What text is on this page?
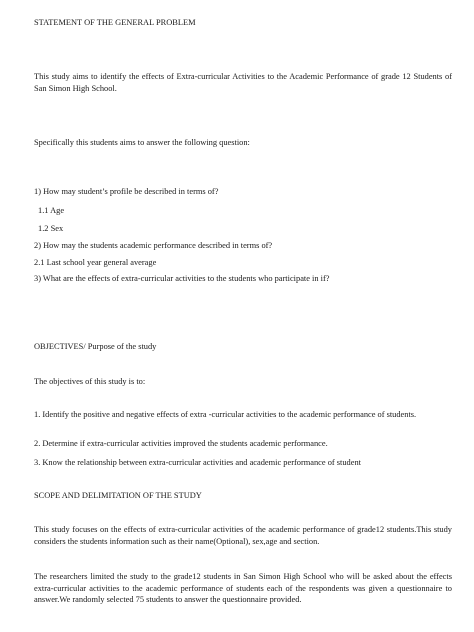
STATEMENT OF THE GENERAL PROBLEM
This study aims to identify the effects of Extra-curricular Activities to the Academic Performance of grade 12 Students of San Simon High School.
Specifically this students aims to answer the following question:
1) How may student’s profile be described in terms of?
1.1 Age
1.2 Sex
2) How may the students academic performance described in terms of?
2.1 Last school year general average
3) What are the effects of extra-curricular activities to the students who participate in if?
OBJECTIVES/ Purpose of the study
The objectives of this study is to:
1. Identify the positive and negative effects of extra -curricular activities to the academic performance of students.
2. Determine if extra-curricular activities improved the students academic performance.
3. Know the relationship between extra-curricular activities and academic performance of student
SCOPE AND DELIMITATION OF THE STUDY
This study focuses on the effects of extra-curricular activities of the academic performance of grade12 students.This study considers the students information such as their name(Optional), sex,age and section.
The researchers limited the study to the grade12 students in San Simon High School who will be asked about the effects extra-curricular activities to the academic performance of students each of the respondents was given a questionnaire to answer.We randomly selected 75 students to answer the questionnaire provided.
